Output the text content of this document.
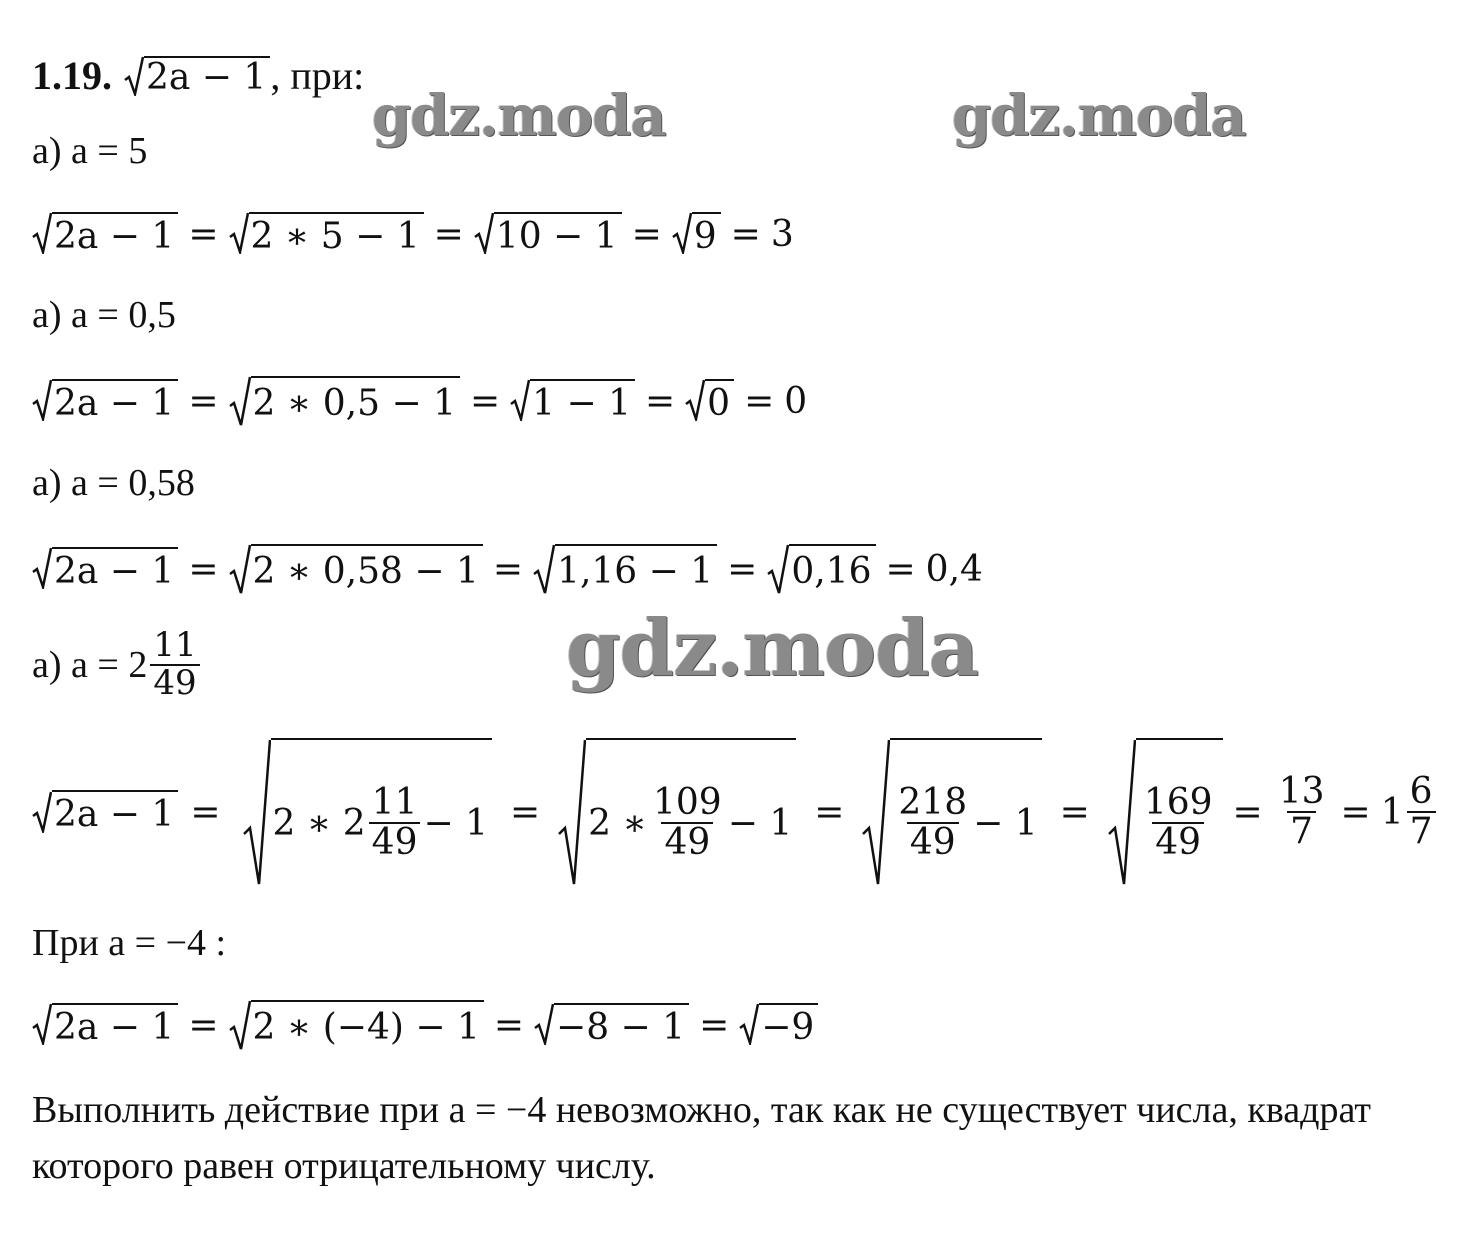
gdz.moda	gdz.moda
gdz.moda
1.19. 2a − 1 , при:
а) a = 5
2a − 1 = 2 ∗ 5 − 1 = 10 − 1 = 9 = 3
а) a = 0,5
2a − 1 = 2 ∗ 0,5 − 1 = 1 − 1 = 0 = 0
а) a = 0,58
2a − 1 = 2 ∗ 0,58 − 1 = 1,16 − 1 = 0,16 = 0,4
а) $a = 2 \frac{11}{49}$
2a − 1 = 2 ∗ $2 \frac{11}{49} - 1 = 2$ ∗ $\frac{109}{49} - 1 = \frac{218}{49} - 1 = \frac{169}{49} = \frac{13}{7} = 1 \frac{6}{7}$
При a = −4 :
2a − 1 = 2 ∗ (−4) − 1 = −8 − 1 = −9
Выполнить действие при a = −4 невозможно, так как не существует числа, квадрат которого равен отрицательному числу.
